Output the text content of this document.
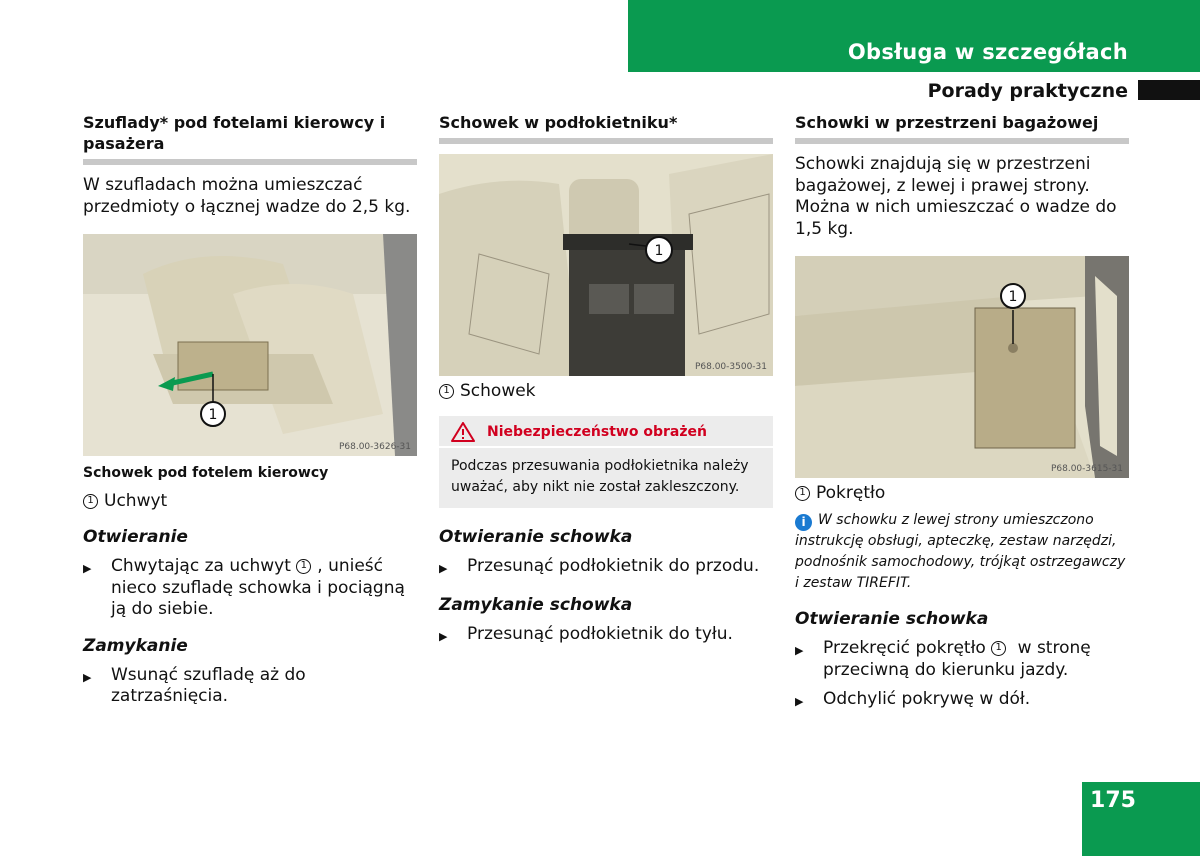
Obsługa w szczegółach
Porady praktyczne
Szuflady* pod fotelami kierowcy i pasażera

W szufladach można umieszczać przedmioty o łącznej wadze do 2,5 kg.

1
P68.00-3626-31
Schowek pod fotelem kierowcy
1 Uchwyt
Otwieranie
▶	Chwytając za uchwyt 1 , unieść nieco szufladę schowka i pociągną ją do siebie.
Zamykanie
▶	Wsunąć szufladę aż do zatrzaśnięcia.
Schowek w podłokietniku*
1
P68.00-3500-31
1 Schowek
Niebezpieczeństwo obrażeń
Podczas przesuwania podłokietnika należy uważać, aby nikt nie został zakleszczony.
Otwieranie schowka
▶	Przesunąć podłokietnik do przodu.
Zamykanie schowka
▶	Przesunąć podłokietnik do tyłu.
Schowki w przestrzeni bagażowej

Schowki znajdują się w przestrzeni bagażowej, z lewej i prawej strony. Można w nich umieszczać o wadze do 1,5 kg.

1
P68.00-3615-31
1 Pokrętło
i W schowku z lewej strony umieszczono instrukcję obsługi, apteczkę, zestaw narzędzi, podnośnik samochodowy, trójkąt ostrzegawczy i zestaw TIREFIT.
Otwieranie schowka
▶	Przekręcić pokrętło 1 w stronę przeciwną do kierunku jazdy.
▶	Odchylić pokrywę w dół.
175
